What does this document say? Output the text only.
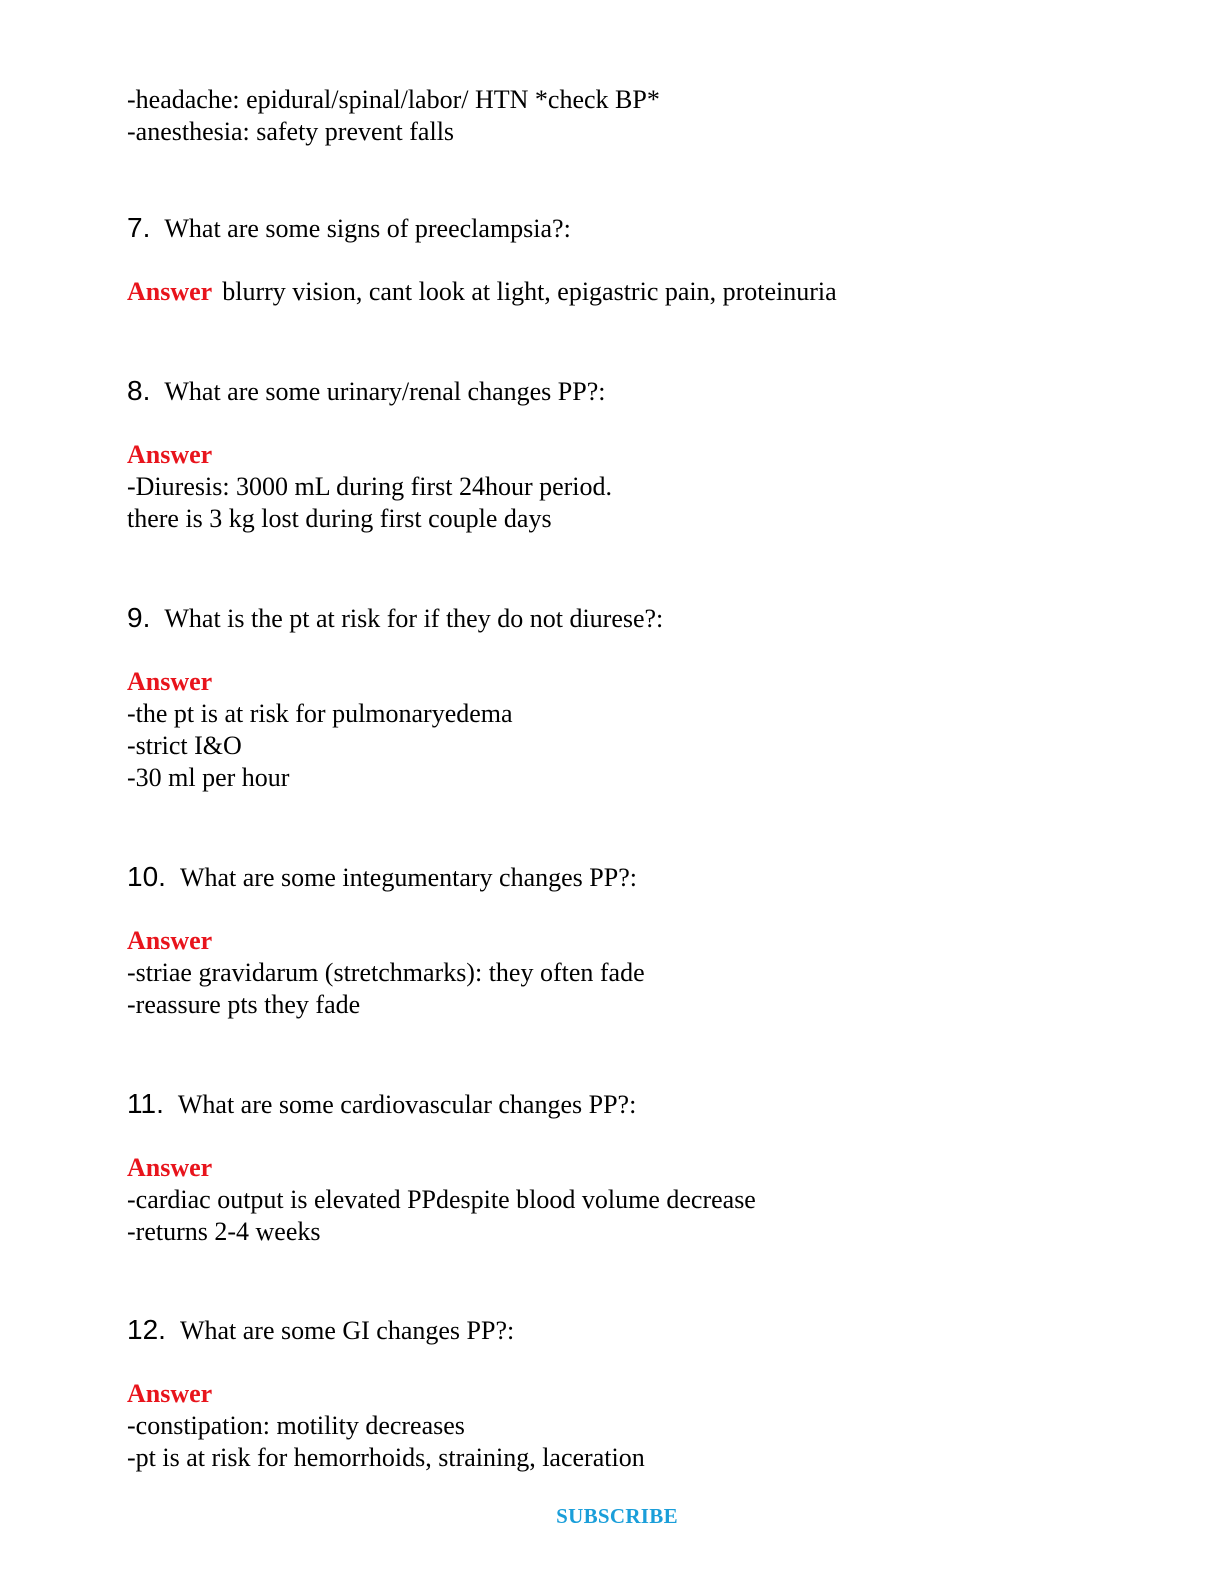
-headache: epidural/spinal/labor/ HTN *check BP*
-anesthesia: safety prevent falls
7. What are some signs of preeclampsia?:
Answer blurry vision, cant look at light, epigastric pain, proteinuria
8. What are some urinary/renal changes PP?:
Answer
-Diuresis: 3000 mL during first 24hour period.
there is 3 kg lost during first couple days
9. What is the pt at risk for if they do not diurese?:
Answer
-the pt is at risk for pulmonaryedema
-strict I&O
-30 ml per hour
10. What are some integumentary changes PP?:
Answer
-striae gravidarum (stretchmarks): they often fade
-reassure pts they fade
11. What are some cardiovascular changes PP?:
Answer
-cardiac output is elevated PPdespite blood volume decrease
-returns 2-4 weeks
12. What are some GI changes PP?:
Answer
-constipation: motility decreases
-pt is at risk for hemorrhoids, straining, laceration
SUBSCRIBE
